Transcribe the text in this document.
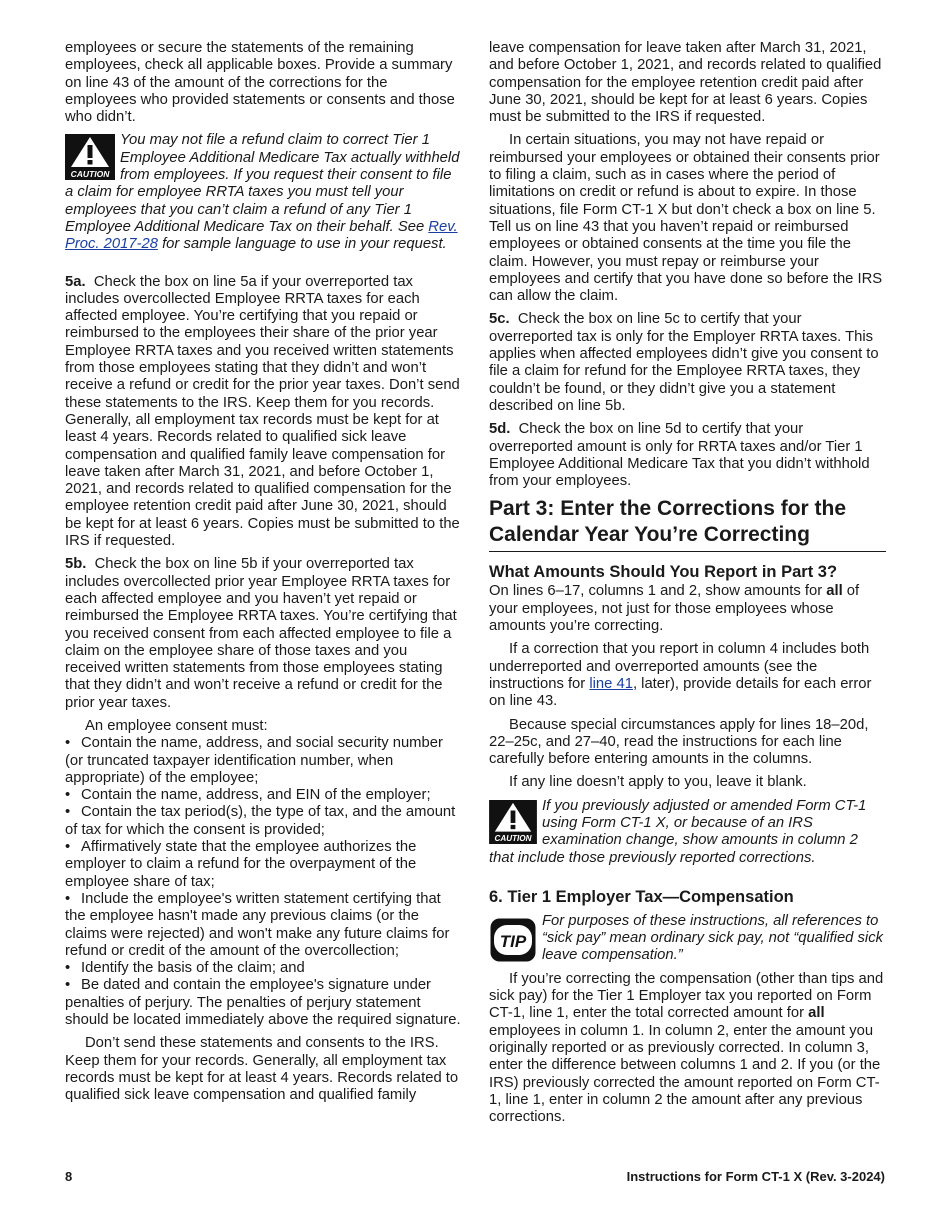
employees or secure the statements of the remaining employees, check all applicable boxes. Provide a summary on line 43 of the amount of the corrections for the employees who provided statements or consents and those who didn’t.

CAUTION
You may not file a refund claim to correct Tier 1 Employee Additional Medicare Tax actually withheld from employees. If you request their consent to file a claim for employee RRTA taxes you must tell your employees that you can’t claim a refund of any Tier 1 Employee Additional Medicare Tax on their behalf. See Rev. Proc. 2017-28 for sample language to use in your request.

5a. Check the box on line 5a if your overreported tax includes overcollected Employee RRTA taxes for each affected employee. You’re certifying that you repaid or reimbursed to the employees their share of the prior year Employee RRTA taxes and you received written statements from those employees stating that they didn’t and won’t receive a refund or credit for the prior year taxes. Don’t send these statements to the IRS. Keep them for you records. Generally, all employment tax records must be kept for at least 4 years. Records related to qualified sick leave compensation and qualified family leave compensation for leave taken after March 31, 2021, and before October 1, 2021, and records related to qualified compensation for the employee retention credit paid after June 30, 2021, should be kept for at least 6 years. Copies must be submitted to the IRS if requested.

5b. Check the box on line 5b if your overreported tax includes overcollected prior year Employee RRTA taxes for each affected employee and you haven’t yet repaid or reimbursed the Employee RRTA taxes. You’re certifying that you received consent from each affected employee to file a claim on the employee share of those taxes and you received written statements from those employees stating that they didn’t and won’t receive a refund or credit for the prior year taxes.

An employee consent must:

• Contain the name, address, and social security number (or truncated taxpayer identification number, when appropriate) of the employee;

• Contain the name, address, and EIN of the employer;

• Contain the tax period(s), the type of tax, and the amount of tax for which the consent is provided;

• Affirmatively state that the employee authorizes the employer to claim a refund for the overpayment of the employee share of tax;

• Include the employee's written statement certifying that the employee hasn't made any previous claims (or the claims were rejected) and won't make any future claims for refund or credit of the amount of the overcollection;

• Identify the basis of the claim; and

• Be dated and contain the employee's signature under penalties of perjury. The penalties of perjury statement should be located immediately above the required signature.

Don’t send these statements and consents to the IRS. Keep them for your records. Generally, all employment tax records must be kept for at least 4 years. Records related to qualified sick leave compensation and qualified family

leave compensation for leave taken after March 31, 2021, and before October 1, 2021, and records related to qualified compensation for the employee retention credit paid after June 30, 2021, should be kept for at least 6 years. Copies must be submitted to the IRS if requested.

In certain situations, you may not have repaid or reimbursed your employees or obtained their consents prior to filing a claim, such as in cases where the period of limitations on credit or refund is about to expire. In those situations, file Form CT-1 X but don’t check a box on line 5. Tell us on line 43 that you haven’t repaid or reimbursed employees or obtained consents at the time you file the claim. However, you must repay or reimburse your employees and certify that you have done so before the IRS can allow the claim.

5c. Check the box on line 5c to certify that your overreported tax is only for the Employer RRTA taxes. This applies when affected employees didn’t give you consent to file a claim for refund for the Employee RRTA taxes, they couldn’t be found, or they didn’t give you a statement described on line 5b.

5d. Check the box on line 5d to certify that your overreported amount is only for RRTA taxes and/or Tier 1 Employee Additional Medicare Tax that you didn’t withhold from your employees.

Part 3: Enter the Corrections for the Calendar Year You’re Correcting
What Amounts Should You Report in Part 3?

On lines 6–17, columns 1 and 2, show amounts for all of your employees, not just for those employees whose amounts you’re correcting.

If a correction that you report in column 4 includes both underreported and overreported amounts (see the instructions for line 41, later), provide details for each error on line 43.

Because special circumstances apply for lines 18–20d, 22–25c, and 27–40, read the instructions for each line carefully before entering amounts in the columns.

If any line doesn’t apply to you, leave it blank.

CAUTION
If you previously adjusted or amended Form CT-1 using Form CT-1 X, or because of an IRS examination change, show amounts in column 2 that include those previously reported corrections.
6. Tier 1 Employer Tax—Compensation
TIP
For purposes of these instructions, all references to “sick pay” mean ordinary sick pay, not “qualified sick leave compensation.”

If you’re correcting the compensation (other than tips and sick pay) for the Tier 1 Employer tax you reported on Form CT-1, line 1, enter the total corrected amount for all employees in column 1. In column 2, enter the amount you originally reported or as previously corrected. In column 3, enter the difference between columns 1 and 2. If you (or the IRS) previously corrected the amount reported on Form CT-1, line 1, enter in column 2 the amount after any previous corrections.

8	Instructions for Form CT-1 X (Rev. 3-2024)
